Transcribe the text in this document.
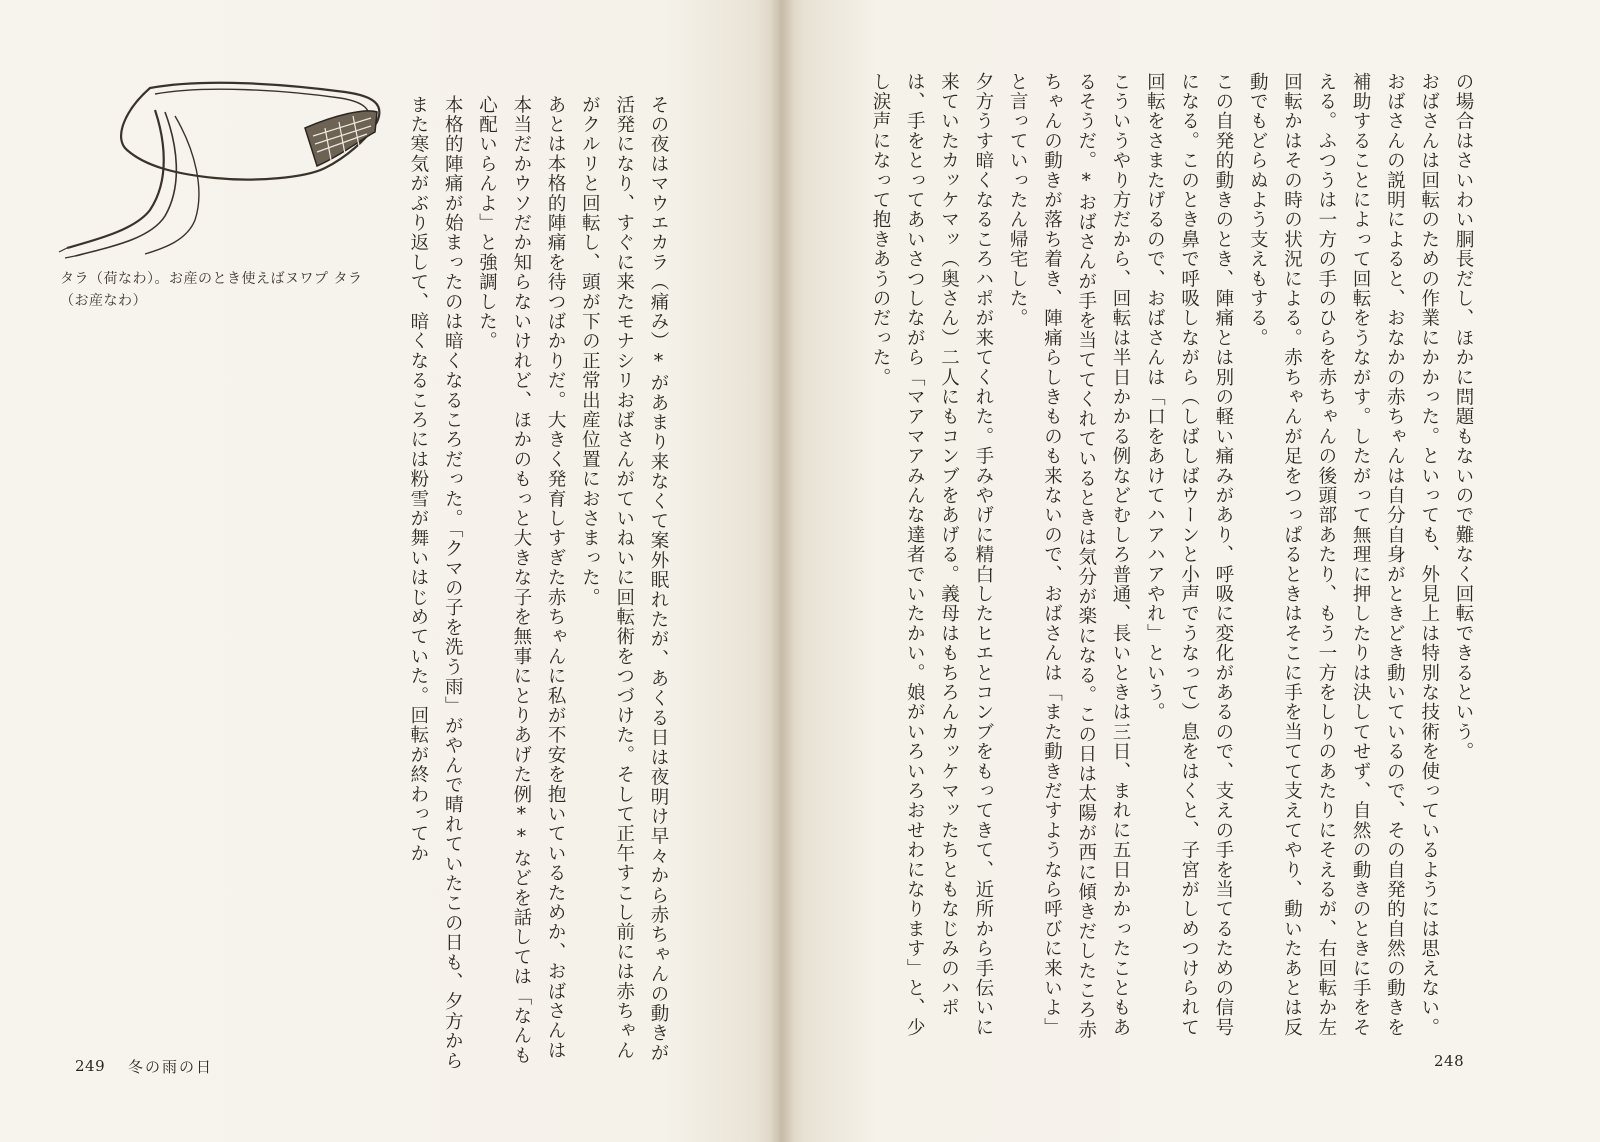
タラ（荷なわ）。お産のとき使えばヌワプ タラ（お産なわ）	その夜はマウエカラ（痛み）*があまり来なくて案外眠れたが、あくる日は夜明け早々から赤ちゃんの動きが活発になり、すぐに来たモナシリおばさんがていねいに回転術をつづけた。そして正午すこし前には赤ちゃんがクルリと回転し、頭が下の正常出産位置におさまった。
あとは本格的陣痛を待つばかりだ。大きく発育しすぎた赤ちゃんに私が不安を抱いているためか、おばさんは本当だかウソだか知らないけれど、ほかのもっと大きな子を無事にとりあげた例**などを話しては「なんも心配いらんよ」と強調した。
本格的陣痛が始まったのは暗くなるころだった。「クマの子を洗う雨」がやんで晴れていたこの日も、夕方からまた寒気がぶり返して、暗くなるころには粉雪が舞いはじめていた。回転が終わってか
249 冬の雨の日
の場合はさいわい胴長だし、ほかに問題もないので難なく回転できるという。
おばさんは回転のための作業にかかった。といっても、外見上は特別な技術を使っているようには思えない。おばさんの説明によると、おなかの赤ちゃんは自分自身がときどき動いているので、その自発的自然の動きを補助することによって回転をうながす。したがって無理に押したりは決してせず、自然の動きのときに手をそえる。ふつうは一方の手のひらを赤ちゃんの後頭部あたり、もう一方をしりのあたりにそえるが、右回転か左回転かはその時の状況による。赤ちゃんが足をつっぱるときはそこに手を当てて支えてやり、動いたあとは反動でもどらぬよう支えもする。
この自発的動きのとき、陣痛とは別の軽い痛みがあり、呼吸に変化があるので、支えの手を当てるための信号になる。このとき鼻で呼吸しながら（しばしばウーンと小声でうなって）息をはくと、子宮がしめつけられて回転をさまたげるので、おばさんは「口をあけてハアハアやれ」という。
こういうやり方だから、回転は半日かかる例などむしろ普通、長いときは三日、まれに五日かかったこともあるそうだ。*おばさんが手を当ててくれているときは気分が楽になる。この日は太陽が西に傾きだしたころ赤ちゃんの動きが落ち着き、陣痛らしきものも来ないので、おばさんは「また動きだすようなら呼びに来いよ」と言っていったん帰宅した。
夕方うす暗くなるころハポが来てくれた。手みやげに精白したヒエとコンブをもってきて、近所から手伝いに来ていたカッケマッ（奥さん）二人にもコンブをあげる。義母はもちろんカッケマッたちともなじみのハポは、手をとってあいさつしながら「マアマアみんな達者でいたかい。娘がいろいろおせわになります」と、少し涙声になって抱きあうのだった。
248
